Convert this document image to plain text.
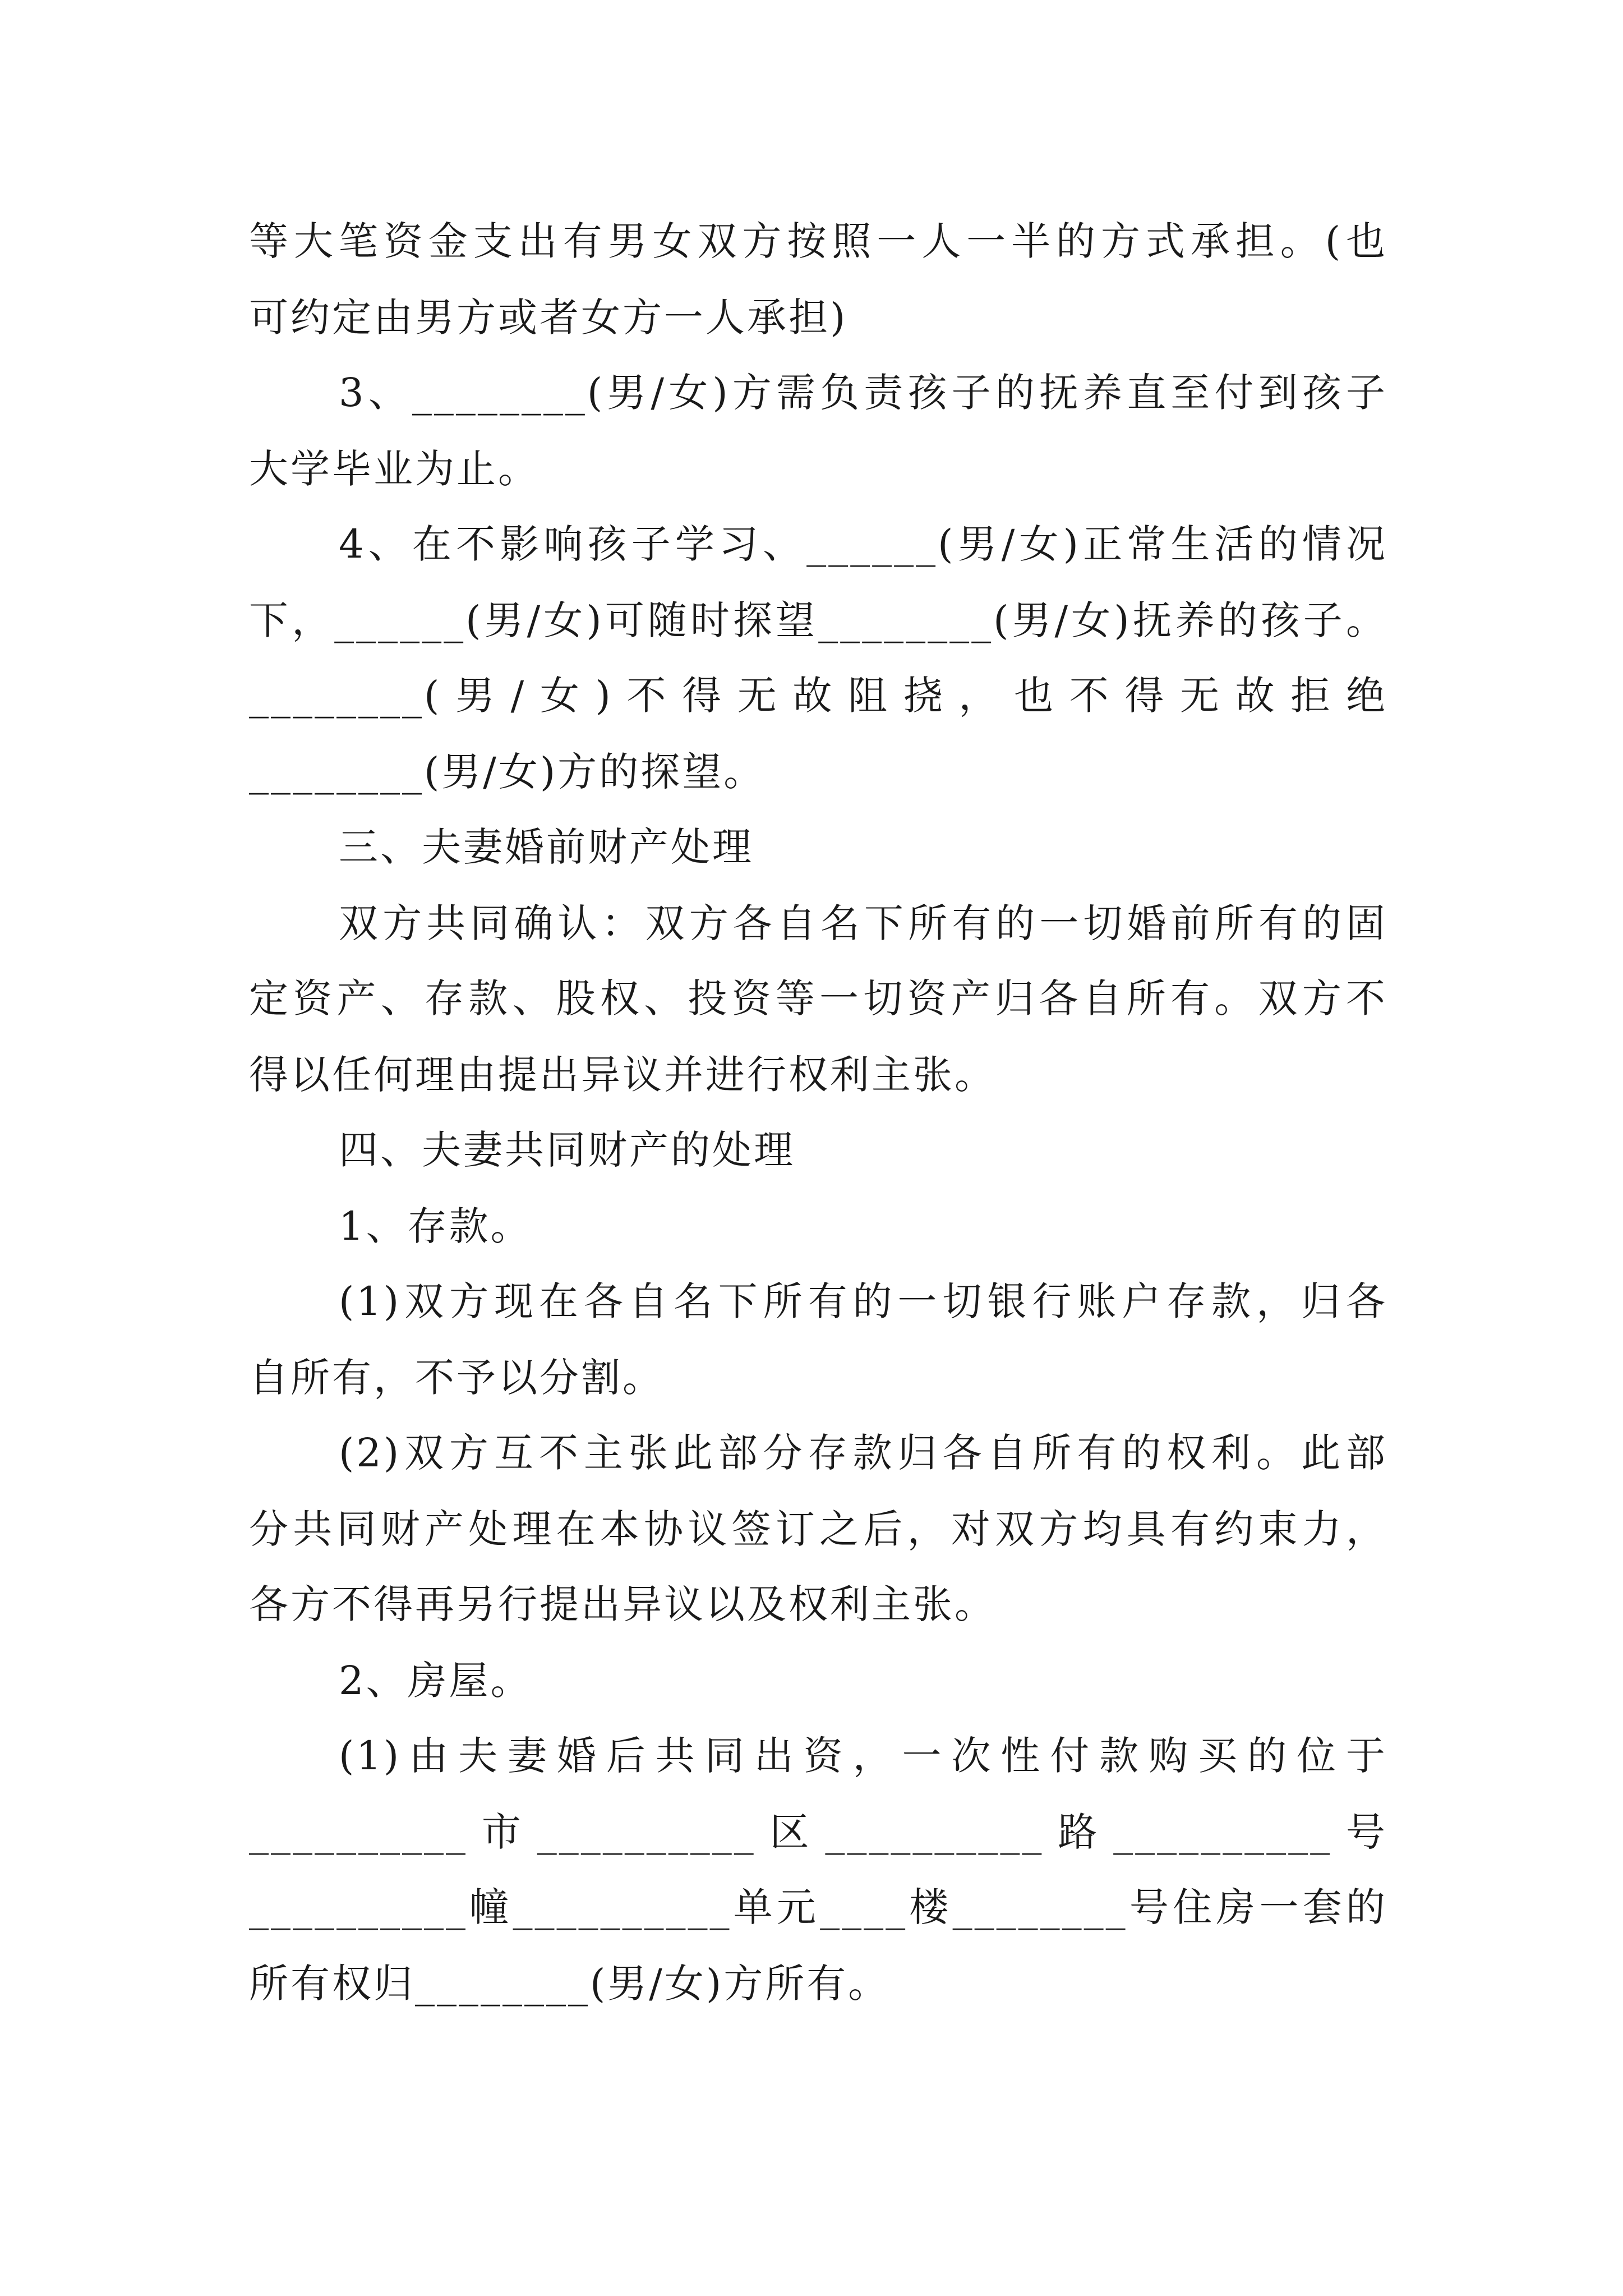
等大笔资金支出有男女双方按照一人一半的方式承担。(也
可约定由男方或者女方一人承担)
3、________(男/女)方需负责孩子的抚养直至付到孩子
大学毕业为止。
4、在不影响孩子学习、______(男/女)正常生活的情况
下，______(男/女)可随时探望________(男/女)抚养的孩子。
________(男/女)不得无故阻挠，也不得无故拒绝
________(男/女)方的探望。
三、夫妻婚前财产处理
双方共同确认：双方各自名下所有的一切婚前所有的固
定资产、存款、股权、投资等一切资产归各自所有。双方不
得以任何理由提出异议并进行权利主张。
四、夫妻共同财产的处理
1、存款。
(1)双方现在各自名下所有的一切银行账户存款，归各
自所有，不予以分割。
(2)双方互不主张此部分存款归各自所有的权利。此部
分共同财产处理在本协议签订之后，对双方均具有约束力，
各方不得再另行提出异议以及权利主张。
2、房屋。
(1)由夫妻婚后共同出资，一次性付款购买的位于
__________市__________区__________路__________号
__________幢__________单元____楼________号住房一套的
所有权归________(男/女)方所有。
